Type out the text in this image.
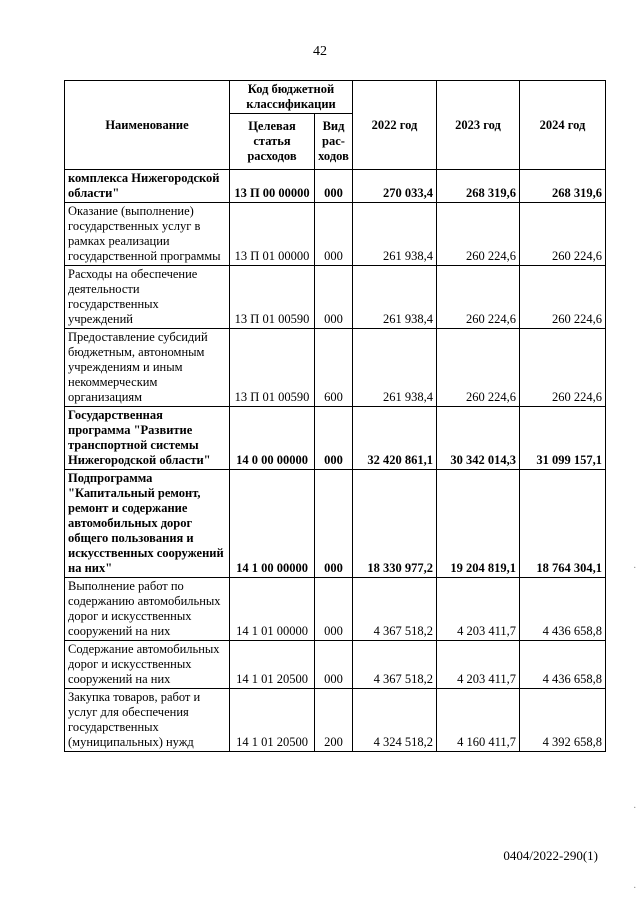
42
Наименование	Код бюджетной классификации		2022 год	2023 год	2024 год
	Целевая статья расходов	Вид рас-ходов			
комплекса Нижегородской области"	13 П 00 00000	000	270 033,4	268 319,6	268 319,6
Оказание (выполнение) государственных услуг в рамках реализации государственной программы	13 П 01 00000	000	261 938,4	260 224,6	260 224,6
Расходы на обеспечение деятельности государственных учреждений	13 П 01 00590	000	261 938,4	260 224,6	260 224,6
Предоставление субсидий бюджетным, автономным учреждениям и иным некоммерческим организациям	13 П 01 00590	600	261 938,4	260 224,6	260 224,6
Государственная программа "Развитие транспортной системы Нижегородской области"	14 0 00 00000	000	32 420 861,1	30 342 014,3	31 099 157,1
Подпрограмма "Капитальный ремонт, ремонт и содержание автомобильных дорог общего пользования и искусственных сооружений на них"	14 1 00 00000	000	18 330 977,2	19 204 819,1	18 764 304,1
Выполнение работ по содержанию автомобильных дорог и искусственных сооружений на них	14 1 01 00000	000	4 367 518,2	4 203 411,7	4 436 658,8
Содержание автомобильных дорог и искусственных сооружений на них	14 1 01 20500	000	4 367 518,2	4 203 411,7	4 436 658,8
Закупка товаров, работ и услуг для обеспечения государственных (муниципальных) нужд	14 1 01 20500	200	4 324 518,2	4 160 411,7	4 392 658,8
0404/2022-290(1)
.
.
.
